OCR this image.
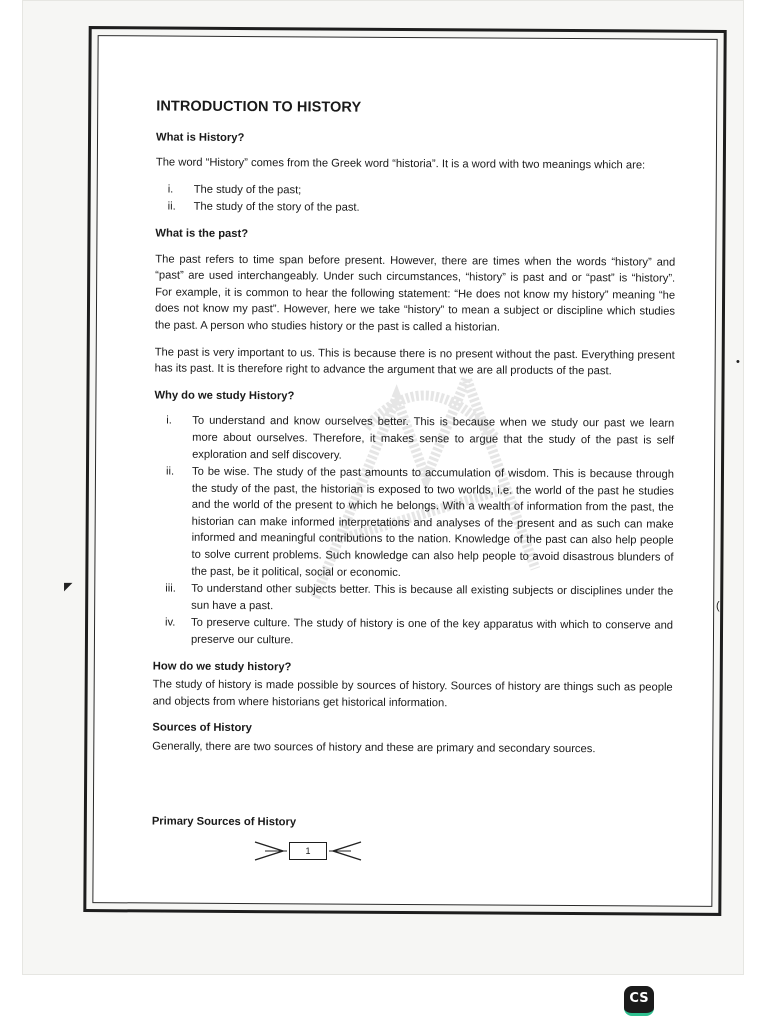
INTRODUCTION TO HISTORY
What is History?

The word “History” comes from the Greek word “historia”. It is a word with two meanings which are:

i.	The study of the past;
ii.	The study of the story of the past.
What is the past?

The past refers to time span before present. However, there are times when the words “history” and “past” are used interchangeably. Under such circumstances, “history” is past and or “past” is “history”. For example, it is common to hear the following statement: “He does not know my history” meaning “he does not know my past”. However, here we take “history” to mean a subject or discipline which studies the past. A person who studies history or the past is called a historian.

The past is very important to us. This is because there is no present without the past. Everything present has its past. It is therefore right to advance the argument that we are all products of the past.

Why do we study History?
i.	To understand and know ourselves better. This is because when we study our past we learn more about ourselves. Therefore, it makes sense to argue that the study of the past is self exploration and self discovery.
ii.	To be wise. The study of the past amounts to accumulation of wisdom. This is because through the study of the past, the historian is exposed to two worlds, i.e. the world of the past he studies and the world of the present to which he belongs. With a wealth of information from the past, the historian can make informed interpretations and analyses of the present and as such can make informed and meaningful contributions to the nation. Knowledge of the past can also help people to solve current problems. Such knowledge can also help people to avoid disastrous blunders of the past, be it political, social or economic.
iii.	To understand other subjects better. This is because all existing subjects or disciplines under the sun have a past.
iv.	To preserve culture. The study of history is one of the key apparatus with which to conserve and preserve our culture.
How do we study history?

The study of history is made possible by sources of history. Sources of history are things such as people and objects from where historians get historical information.

Sources of History

Generally, there are two sources of history and these are primary and secondary sources.

Primary Sources of History
1
◤
•
(
CS
